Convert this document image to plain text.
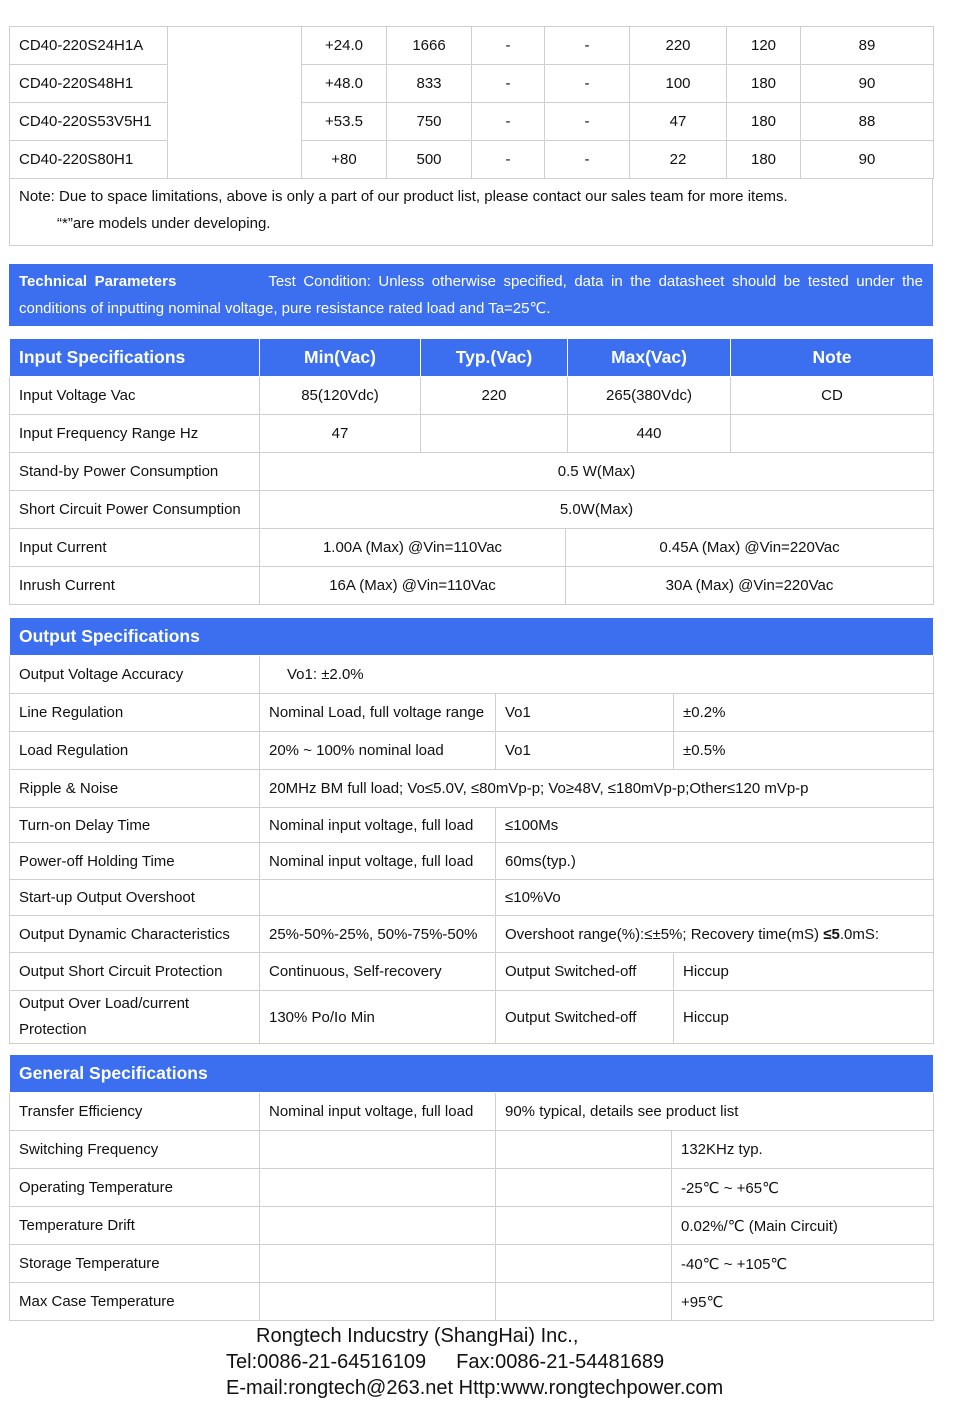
CD40-220S24H1A		+24.0	1666	-	-	220	120	89
CD40-220S48H1		+48.0	833	-	-	100	180	90
CD40-220S53V5H1		+53.5	750	-	-	47	180	88
CD40-220S80H1		+80	500	-	-	22	180	90
Note: Due to space limitations, above is only a part of our product list, please contact our sales team for more items.
“*”are models under developing.
Technical Parameters	Test Condition: Unless otherwise specified, data in the datasheet should be tested under the conditions of inputting nominal voltage, pure resistance rated load and Ta=25℃.
Input Specifications	Min(Vac)	Typ.(Vac)	Max(Vac)	Note
Input Voltage Vac	85(120Vdc)	220	265(380Vdc)	CD
Input Frequency Range Hz	47		440	
Stand-by Power Consumption	0.5 W(Max)			
Short Circuit Power Consumption	5.0W(Max)			
Input Current	1.00A (Max) @Vin=110Vac	0.45A (Max) @Vin=220Vac
Inrush Current	16A (Max) @Vin=110Vac	30A (Max) @Vin=220Vac
Output Specifications			
Output Voltage Accuracy	Vo1: ±2.0%		
Line Regulation	Nominal Load, full voltage range	Vo1	±0.2%
Load Regulation	20% ~ 100% nominal load	Vo1	±0.5%
Ripple & Noise	20MHz BM full load; Vo≤5.0V, ≤80mVp-p; Vo≥48V, ≤180mVp-p;Other≤120 mVp-p		
Turn-on Delay Time	Nominal input voltage, full load	≤100Ms	
Power-off Holding Time	Nominal input voltage, full load	60ms(typ.)	
Start-up Output Overshoot		≤10%Vo	
Output Dynamic Characteristics	25%-50%-25%, 50%-75%-50%	Overshoot range(%):≤±5%; Recovery time(mS) ≤5.0mS:	
Output Short Circuit Protection	Continuous, Self-recovery	Output Switched-off	Hiccup
Output Over Load/current Protection	130% Po/Io Min	Output Switched-off	Hiccup
General Specifications			
Transfer Efficiency	Nominal input voltage, full load	90% typical, details see product list	
Switching Frequency			132KHz typ.
Operating Temperature			-25℃ ~ +65℃
Temperature Drift			0.02%/℃ (Main Circuit)
Storage Temperature			-40℃ ~ +105℃
Max Case Temperature			+95℃
Rongtech Inducstry (ShangHai) Inc.,
Tel:0086-21-64516109 Fax:0086-21-54481689
E-mail:rongtech@263.net Http:www.rongtechpower.com
